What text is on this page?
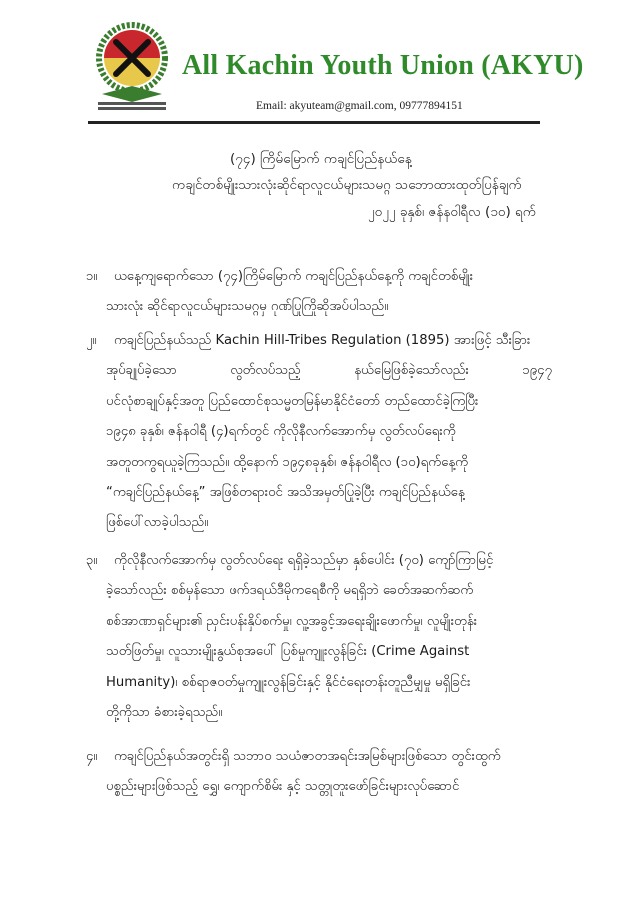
All Kachin Youth Union (AKYU)
Email: akyuteam@gmail.com, 09777894151
(၇၄) ကြိမ်မြောက် ကချင်ပြည်နယ်နေ့
ကချင်တစ်မျိုးသားလုံးဆိုင်ရာလူငယ်များသမဂ္ဂ သဘောထားထုတ်ပြန်ချက်
၂၀၂၂ ခုနှစ်၊ ဇန်နဝါရီလ (၁၀) ရက်
၁။	ယနေ့ကျရောက်သော (၇၄)ကြိမ်မြောက် ကချင်ပြည်နယ်နေ့ကို ကချင်တစ်မျိုး
သားလုံး ဆိုင်ရာလူငယ်များသမဂ္ဂမှ ဂုဏ်ပြုကြိုဆိုအပ်ပါသည်။
၂။	ကချင်ပြည်နယ်သည် Kachin Hill-Tribes Regulation (1895) အားဖြင့် သီးခြား
အုပ်ချုပ်ခဲ့သော လွတ်လပ်သည့် နယ်မြေဖြစ်ခဲ့သော်လည်း ၁၉၄၇
ပင်လုံစာချုပ်နှင့်အတူ ပြည်ထောင်စုသမ္မတမြန်မာနိုင်ငံတော် တည်ထောင်ခဲ့ကြပြီး
၁၉၄၈ ခုနှစ်၊ ဇန်နဝါရီ (၄)ရက်တွင် ကိုလိုနီလက်အောက်မှ လွတ်လပ်ရေးကို
အတူတကွရယူခဲ့ကြသည်။ ထို့နောက် ၁၉၄၈ခုနှစ်၊ ဇန်နဝါရီလ (၁၀)ရက်နေ့ကို
“ကချင်ပြည်နယ်နေ့” အဖြစ်တရားဝင် အသိအမှတ်ပြုခဲ့ပြီး ကချင်ပြည်နယ်နေ့
ဖြစ်ပေါ်လာခဲ့ပါသည်။
၃။	ကိုလိုနီလက်အောက်မှ လွတ်လပ်ရေး ရရှိခဲ့သည်မှာ နှစ်ပေါင်း (၇၀) ကျော်ကြာမြင့်
ခဲ့သော်လည်း စစ်မှန်သော ဖက်ဒရယ်ဒီမိုကရေစီကို မရရှိဘဲ ခေတ်အဆက်ဆက်
စစ်အာဏာရှင်များ၏ ညှင်းပန်းနှိပ်စက်မှု၊ လူ့အခွင့်အရေးချိုးဖောက်မှု၊ လူမျိုးတုန်း
သတ်ဖြတ်မှု၊ လူသားမျိုးနွယ်စုအပေါ် ပြစ်မှုကျူးလွန်ခြင်း (Crime Against
Humanity)၊ စစ်ရာဇဝတ်မှုကျူးလွန်ခြင်းနှင့် နိုင်ငံရေးတန်းတူညီမျှမှု မရှိခြင်း
တို့ကိုသာ ခံစားခဲ့ရသည်။
၄။	ကချင်ပြည်နယ်အတွင်းရှိ သဘာဝ သယံဇာတအရင်းအမြစ်များဖြစ်သော တွင်းထွက်
ပစ္စည်းများဖြစ်သည့် ရွှေ၊ ကျောက်စိမ်း နှင့် သတ္တုတူးဖော်ခြင်းများလုပ်ဆောင်
